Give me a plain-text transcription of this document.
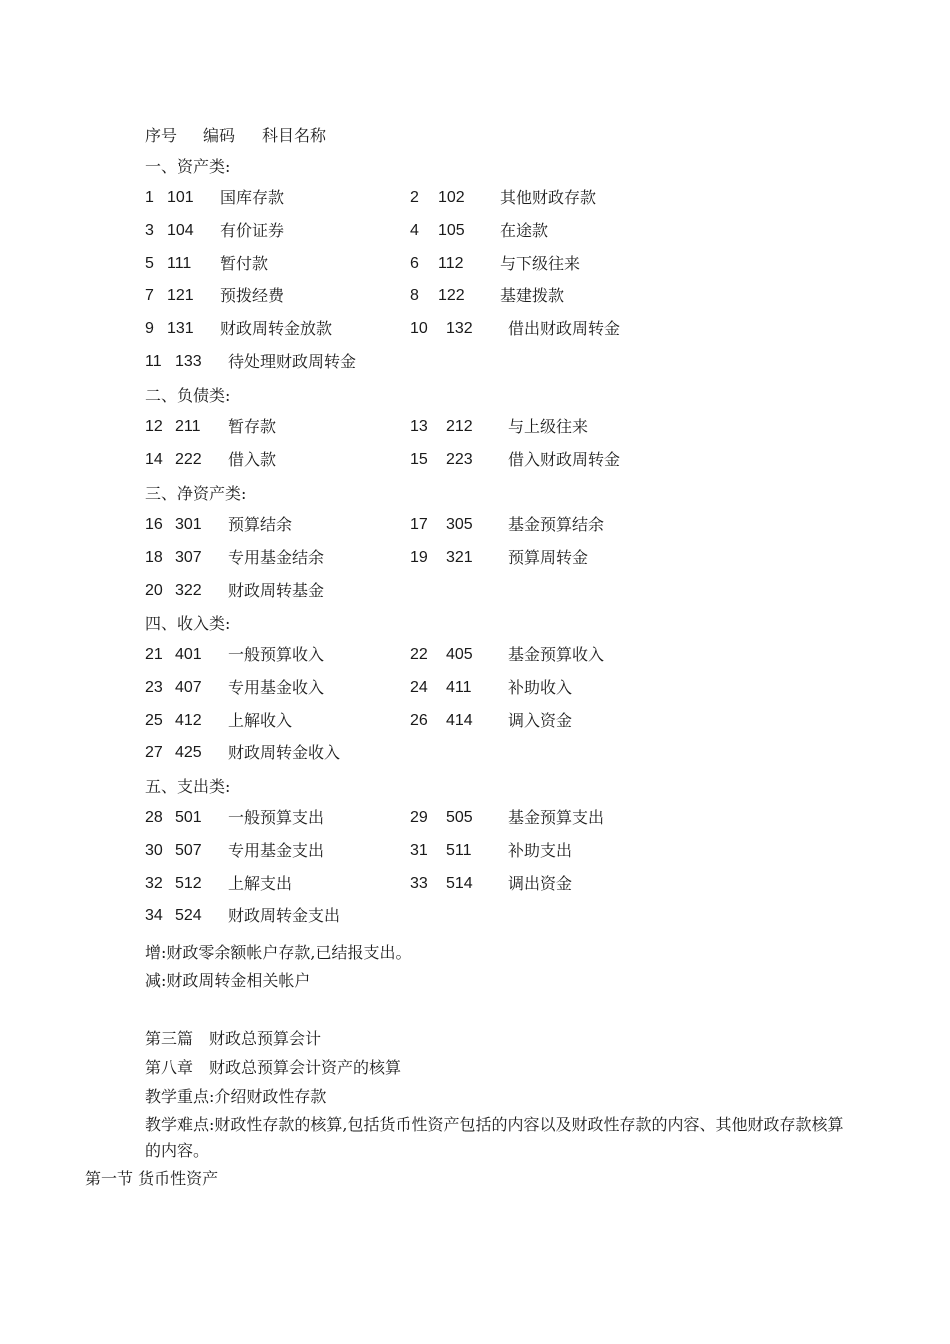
序号 编码 科目名称
一、资产类:
1 101 国库存款	2 102 其他财政存款
3 104 有价证券	4 105 在途款
5 111 暂付款	6 112 与下级往来
7 121 预拨经费	8 122 基建拨款
9 131 财政周转金放款	10 132 借出财政周转金
11 133 待处理财政周转金
二、负债类:
12 211 暂存款	13 212 与上级往来
14 222 借入款	15 223 借入财政周转金
三、净资产类:
16 301 预算结余	17 305 基金预算结余
18 307 专用基金结余	19 321 预算周转金
20 322 财政周转基金
四、收入类:
21 401 一般预算收入	22 405 基金预算收入
23 407 专用基金收入	24 411 补助收入
25 412 上解收入	26 414 调入资金
27 425 财政周转金收入
五、支出类:
28 501 一般预算支出	29 505 基金预算支出
30 507 专用基金支出	31 511 补助支出
32 512 上解支出	33 514 调出资金
34 524 财政周转金支出
增:财政零余额帐户存款,已结报支出。
减:财政周转金相关帐户
第三篇　财政总预算会计
第八章　财政总预算会计资产的核算
教学重点:介绍财政性存款
教学难点:财政性存款的核算,包括货币性资产包括的内容以及财政性存款的内容、其他财政存款核算的内容。
第一节 货币性资产
